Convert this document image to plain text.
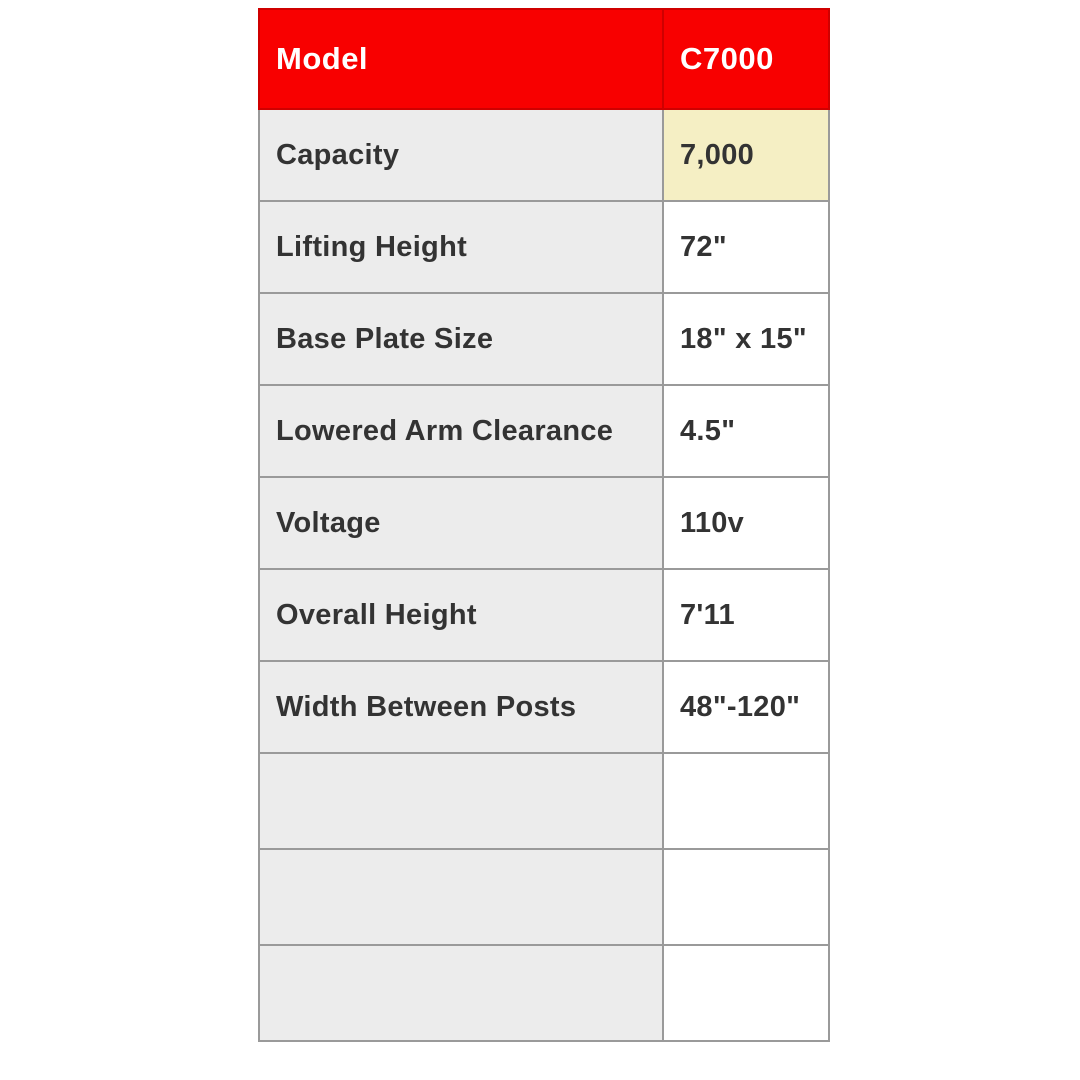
Model	C7000

Capacity	7,000

Lifting Height	72"

Base Plate Size	18" x 15"

Lowered Arm Clearance	4.5"

Voltage	110v

Overall Height	7'11

Width Between Posts	48"-120"
